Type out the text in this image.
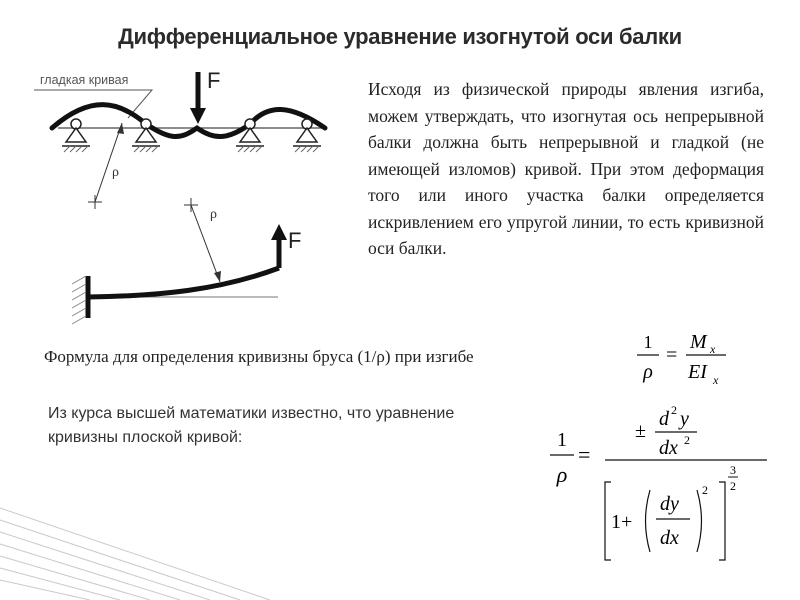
Дифференциальное уравнение изогнутой оси балки
гладкая кривая	F
ρ
F
ρ
Исходя из физической природы явления изгиба, можем утверждать, что изогнутая ось непрерывной балки должна быть непрерывной и гладкой (не имеющей изломов) кривой. При этом деформация того или иного участка балки определяется искривлением его упругой линии, то есть кривизной оси балки.
Формула для определения кривизны бруса (1/ρ) при изгибе
1
ρ
=
M x
EI x
Из курса высшей математики известно, что уравнение кривизны плоской кривой:	1
ρ
=
±
d 2 y
dx 2
1+
dy
dx
2
3
2
